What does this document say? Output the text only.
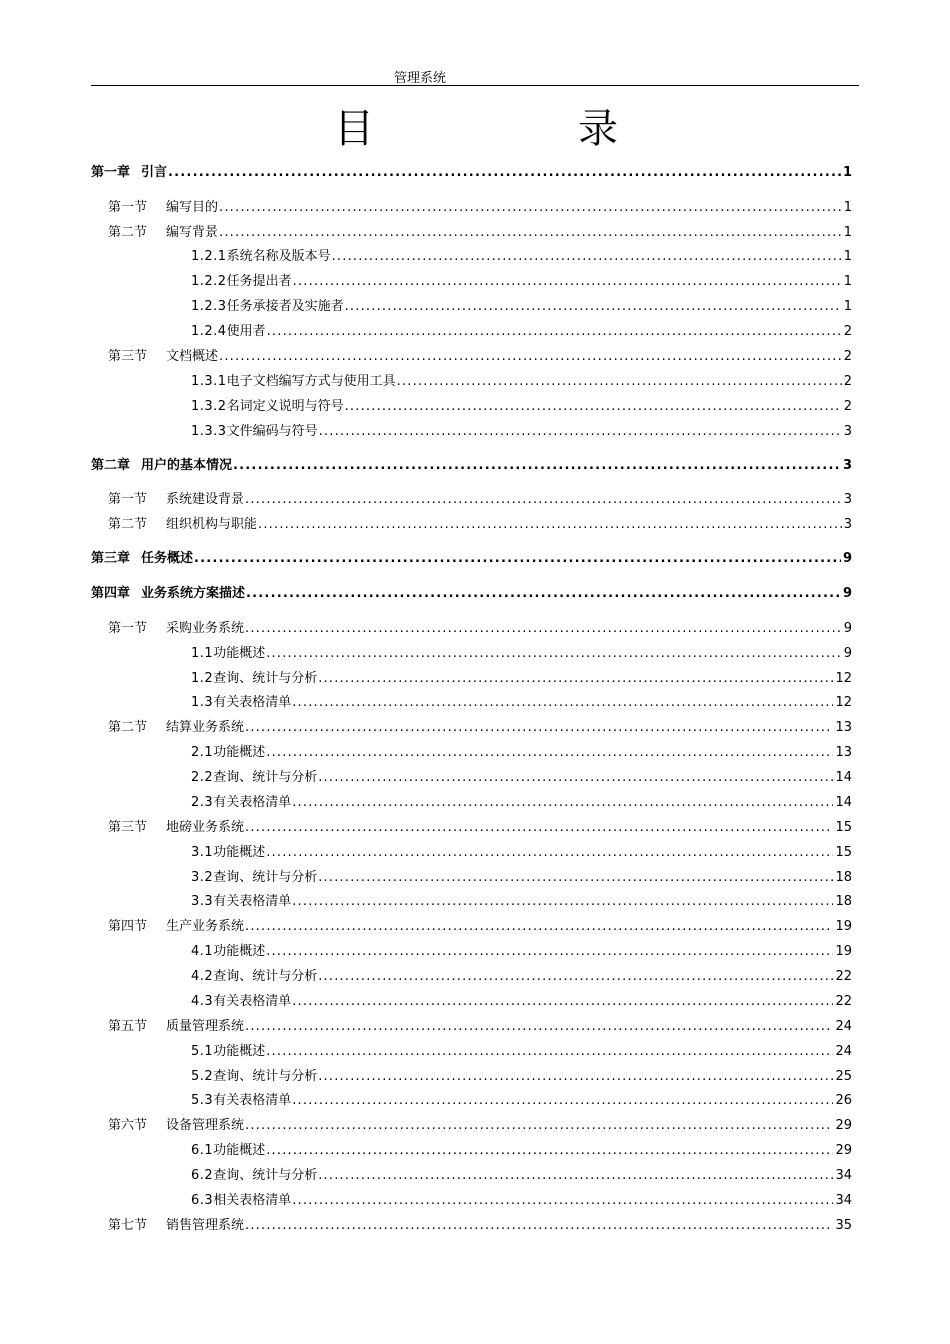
管理系统
目	录
第一章 引言 .....	1
第一节	编写目的 .....	1
第二节	编写背景 .....	1
1.2.1 系统名称及版本号 .....	1
1.2.2 任务提出者 .....	1
1.2.3 任务承接者及实施者 .....	1
1.2.4 使用者 .....	2
第三节	文档概述 .....	2
1.3.1 电子文档编写方式与使用工具 .....	2
1.3.2 名词定义说明与符号 .....	2
1.3.3 文件编码与符号 .....	3
第二章 用户的基本情况 .....	3
第一节	系统建设背景 .....	3
第二节	组织机构与职能 .....	3
第三章 任务概述 .....	9
第四章 业务系统方案描述 .....	9
第一节	采购业务系统 .....	9
1.1 功能概述 .....	9
1.2 查询、统计与分析 .....	12
1.3 有关表格清单 .....	12
第二节	结算业务系统 .....	13
2.1 功能概述 .....	13
2.2 查询、统计与分析 .....	14
2.3 有关表格清单 .....	14
第三节	地磅业务系统 .....	15
3.1 功能概述 .....	15
3.2 查询、统计与分析 .....	18
3.3 有关表格清单 .....	18
第四节	生产业务系统 .....	19
4.1 功能概述 .....	19
4.2 查询、统计与分析 .....	22
4.3 有关表格清单 .....	22
第五节	质量管理系统 .....	24
5.1 功能概述 .....	24
5.2 查询、统计与分析 .....	25
5.3 有关表格清单 .....	26
第六节	设备管理系统 .....	29
6.1 功能概述 .....	29
6.2 查询、统计与分析 .....	34
6.3 相关表格清单 .....	34
第七节	销售管理系统 .....	35
